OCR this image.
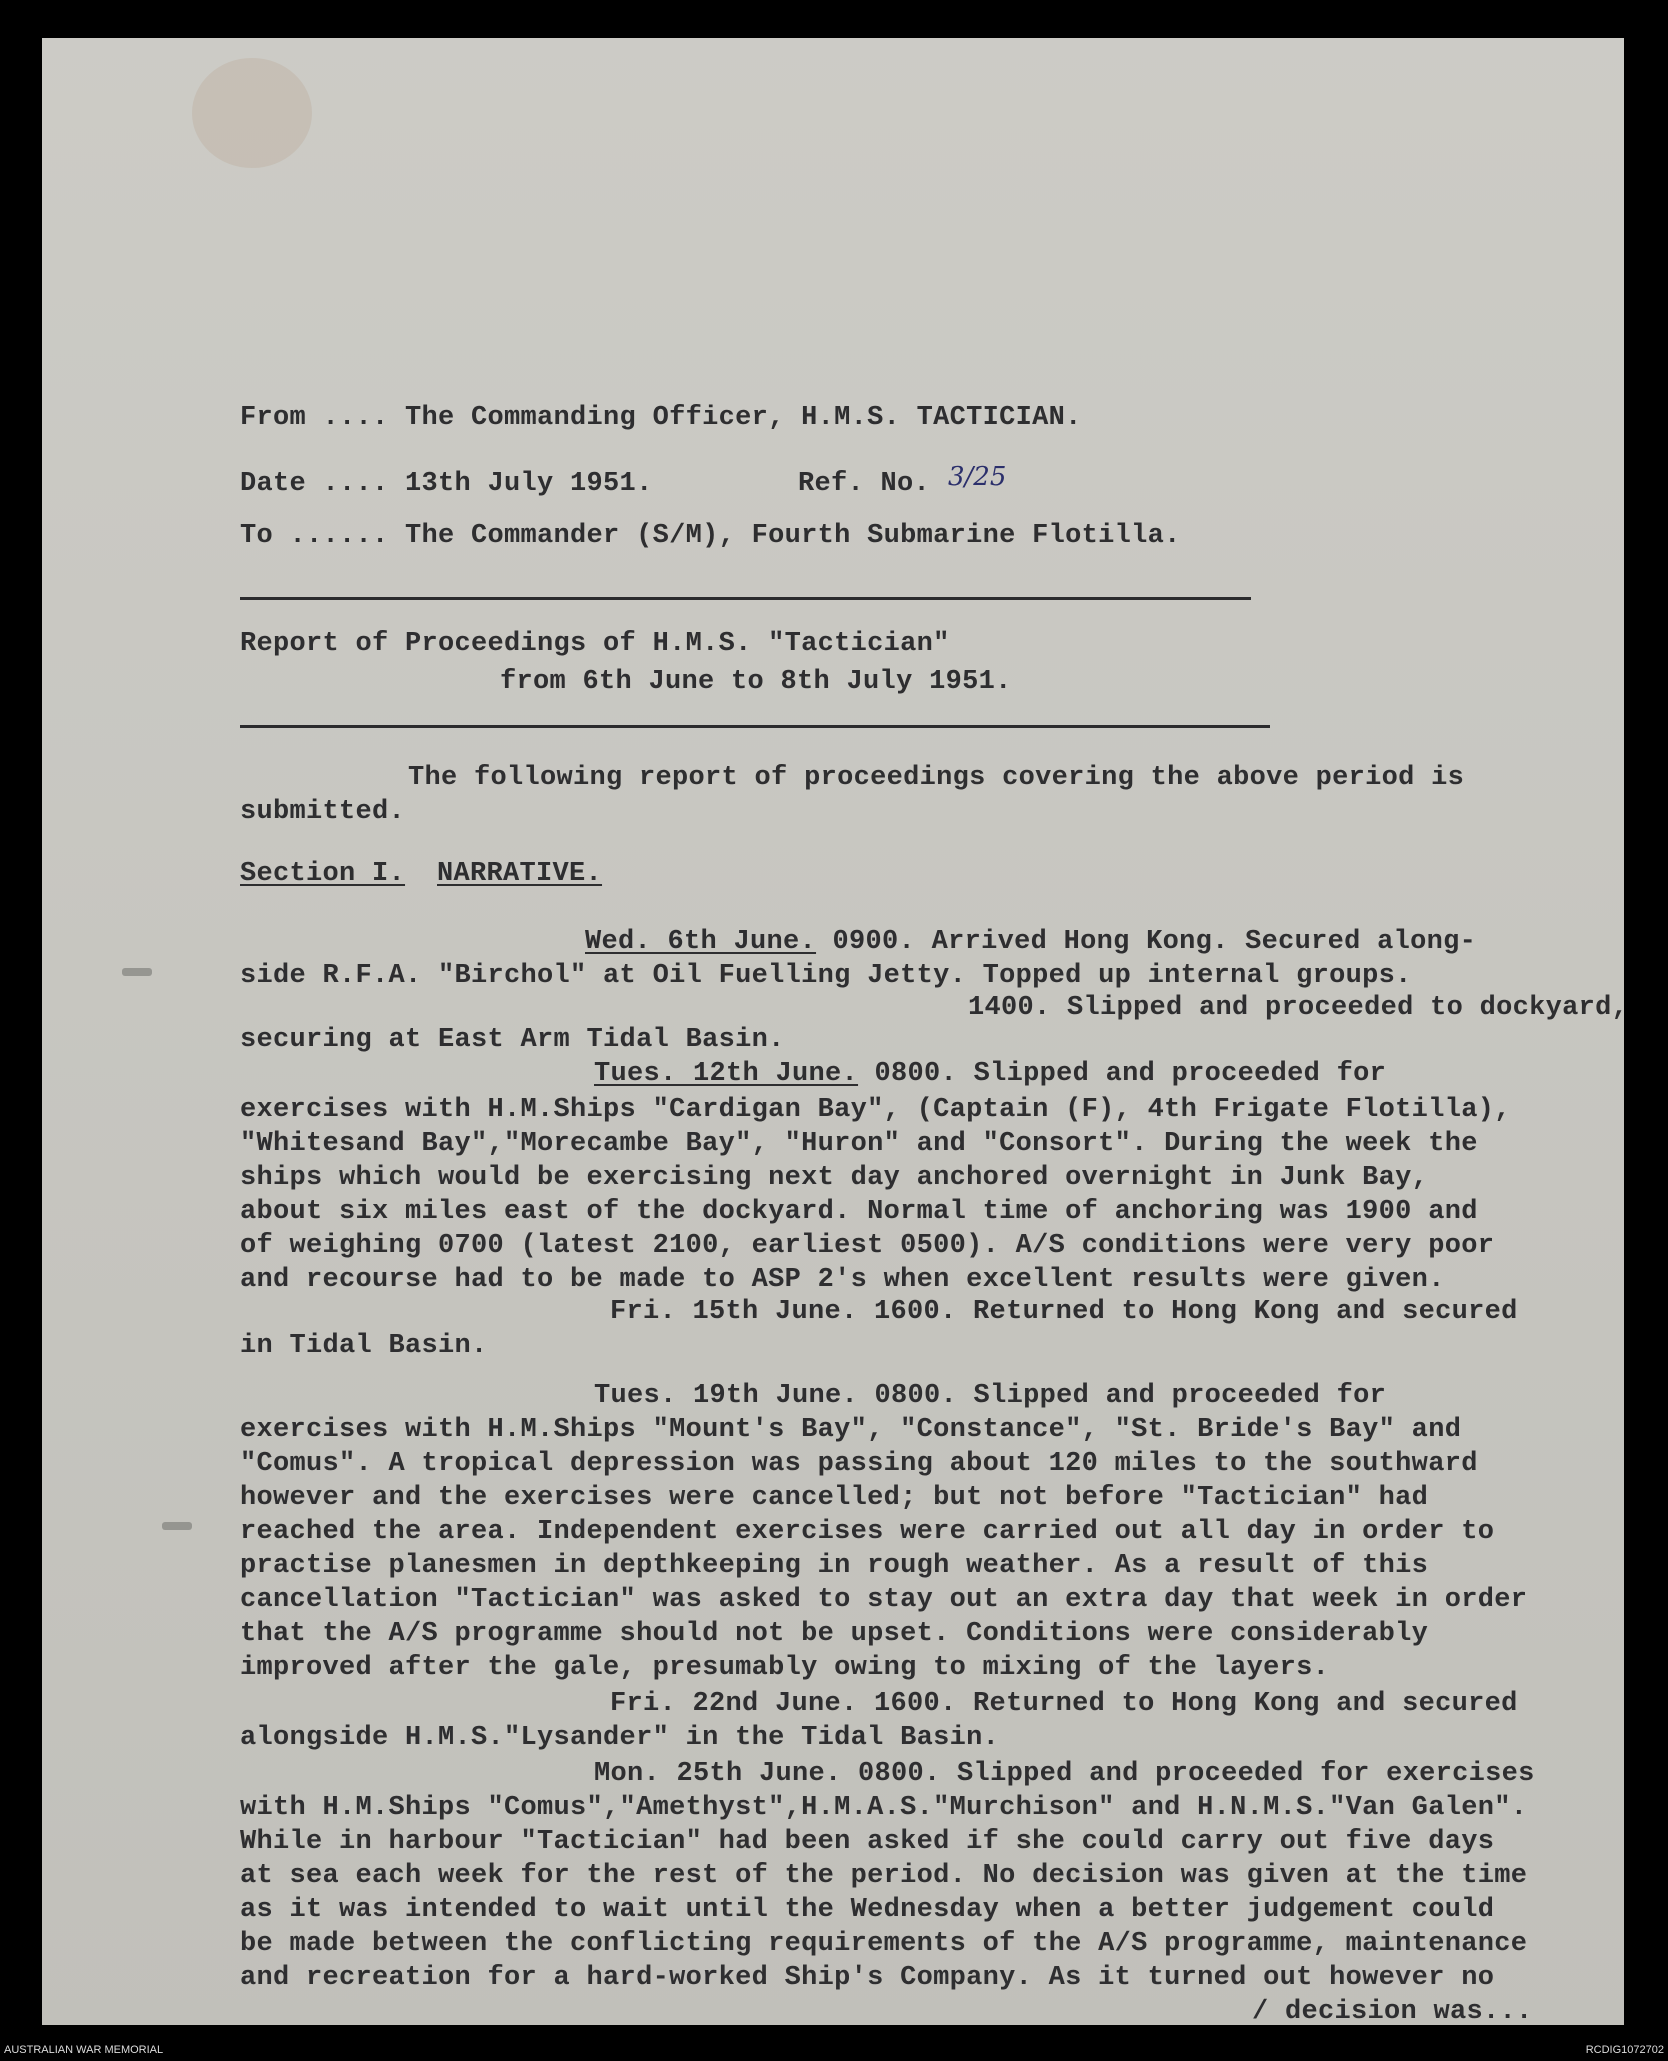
From .... The Commanding Officer, H.M.S. TACTICIAN.
Date .... 13th July 1951.	Ref. No. 3/25
To ...... The Commander (S/M), Fourth Submarine Flotilla.
Report of Proceedings of H.M.S. "Tactician"
from 6th June to 8th July 1951.
The following report of proceedings covering the above period is
submitted.
Section I. NARRATIVE.
Wed. 6th June. 0900. Arrived Hong Kong. Secured along-
side R.F.A. "Birchol" at Oil Fuelling Jetty. Topped up internal groups.
1400. Slipped and proceeded to dockyard,
securing at East Arm Tidal Basin.
Tues. 12th June. 0800. Slipped and proceeded for
exercises with H.M.Ships "Cardigan Bay", (Captain (F), 4th Frigate Flotilla),
"Whitesand Bay","Morecambe Bay", "Huron" and "Consort". During the week the
ships which would be exercising next day anchored overnight in Junk Bay,
about six miles east of the dockyard. Normal time of anchoring was 1900 and
of weighing 0700 (latest 2100, earliest 0500). A/S conditions were very poor
and recourse had to be made to ASP 2's when excellent results were given.
Fri. 15th June. 1600. Returned to Hong Kong and secured
in Tidal Basin.
Tues. 19th June. 0800. Slipped and proceeded for
exercises with H.M.Ships "Mount's Bay", "Constance", "St. Bride's Bay" and
"Comus". A tropical depression was passing about 120 miles to the southward
however and the exercises were cancelled; but not before "Tactician" had
reached the area. Independent exercises were carried out all day in order to
practise planesmen in depthkeeping in rough weather. As a result of this
cancellation "Tactician" was asked to stay out an extra day that week in order
that the A/S programme should not be upset. Conditions were considerably
improved after the gale, presumably owing to mixing of the layers.
Fri. 22nd June. 1600. Returned to Hong Kong and secured
alongside H.M.S."Lysander" in the Tidal Basin.
Mon. 25th June. 0800. Slipped and proceeded for exercises
with H.M.Ships "Comus","Amethyst",H.M.A.S."Murchison" and H.N.M.S."Van Galen".
While in harbour "Tactician" had been asked if she could carry out five days
at sea each week for the rest of the period. No decision was given at the time
as it was intended to wait until the Wednesday when a better judgement could
be made between the conflicting requirements of the A/S programme, maintenance
and recreation for a hard-worked Ship's Company. As it turned out however no
/ decision was...
AUSTRALIAN WAR MEMORIAL	RCDIG1072702
